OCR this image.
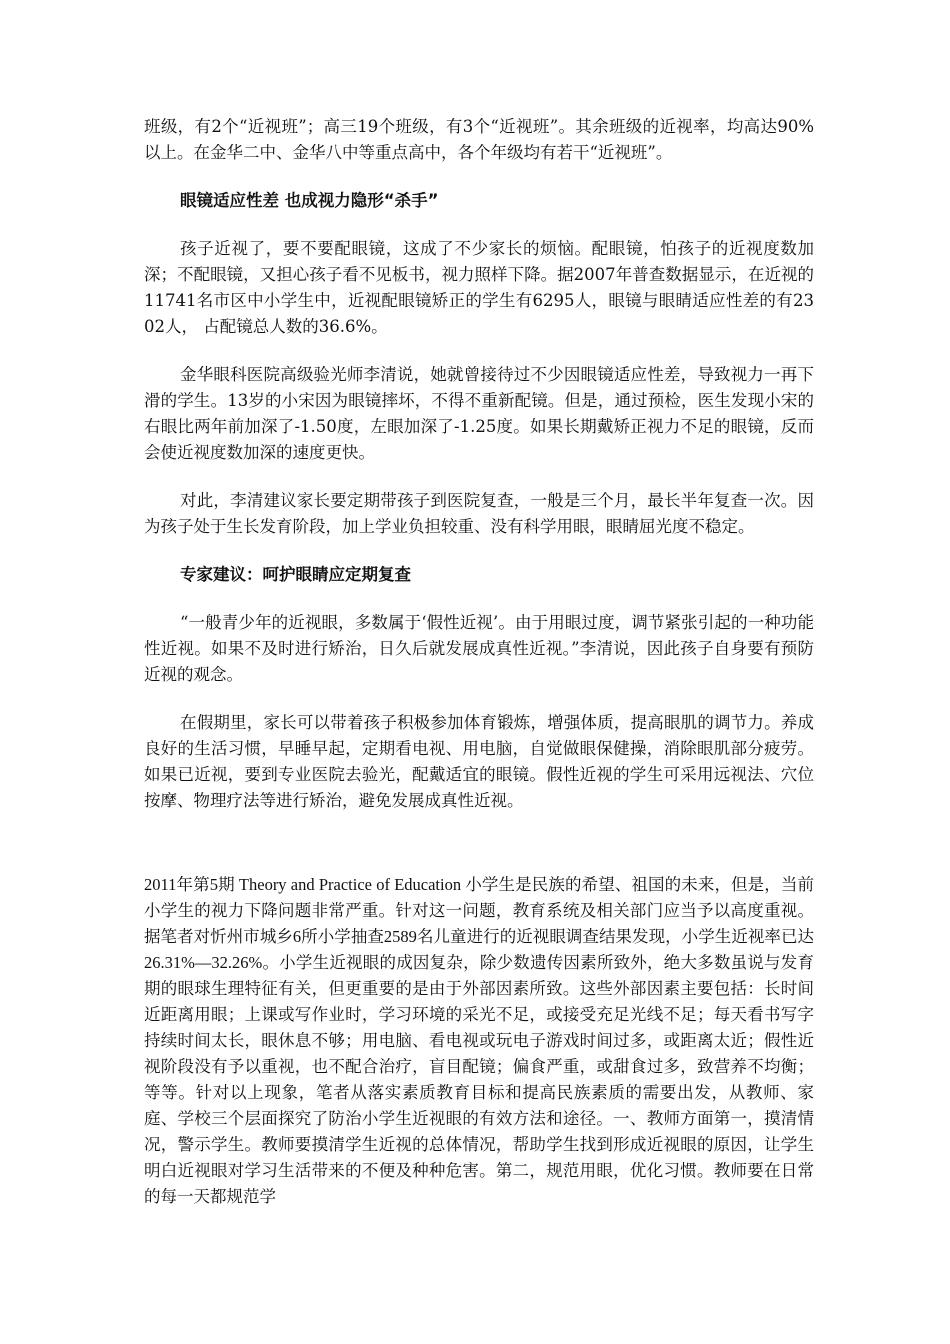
班级，有2个“近视班”；高三19个班级，有3个“近视班”。其余班级的近视率，均高达90%以上。在金华二中、金华八中等重点高中，各个年级均有若干“近视班”。

眼镜适应性差 也成视力隐形“杀手”

孩子近视了，要不要配眼镜，这成了不少家长的烦恼。配眼镜，怕孩子的近视度数加深；不配眼镜，又担心孩子看不见板书，视力照样下降。据2007年普查数据显示，在近视的11741名市区中小学生中，近视配眼镜矫正的学生有6295人，眼镜与眼睛适应性差的有2302人， 占配镜总人数的36.6%。

金华眼科医院高级验光师李清说，她就曾接待过不少因眼镜适应性差，导致视力一再下滑的学生。13岁的小宋因为眼镜摔坏，不得不重新配镜。但是，通过预检，医生发现小宋的右眼比两年前加深了-1.50度，左眼加深了-1.25度。如果长期戴矫正视力不足的眼镜，反而会使近视度数加深的速度更快。

对此，李清建议家长要定期带孩子到医院复查，一般是三个月，最长半年复查一次。因为孩子处于生长发育阶段，加上学业负担较重、没有科学用眼，眼睛屈光度不稳定。

专家建议：呵护眼睛应定期复查

“一般青少年的近视眼，多数属于‘假性近视’。由于用眼过度，调节紧张引起的一种功能性近视。如果不及时进行矫治，日久后就发展成真性近视。”李清说，因此孩子自身要有预防近视的观念。

在假期里，家长可以带着孩子积极参加体育锻炼，增强体质，提高眼肌的调节力。养成良好的生活习惯，早睡早起，定期看电视、用电脑，自觉做眼保健操，消除眼肌部分疲劳。如果已近视，要到专业医院去验光，配戴适宜的眼镜。假性近视的学生可采用远视法、穴位按摩、物理疗法等进行矫治，避免发展成真性近视。

2011年第5期 Theory and Practice of Education 小学生是民族的希望、祖国的未来，但是，当前小学生的视力下降问题非常严重。针对这一问题，教育系统及相关部门应当予以高度重视。据笔者对忻州市城乡6所小学抽查2589名儿童进行的近视眼调查结果发现，小学生近视率已达26.31%—32.26%。小学生近视眼的成因复杂，除少数遗传因素所致外，绝大多数虽说与发育期的眼球生理特征有关，但更重要的是由于外部因素所致。这些外部因素主要包括：长时间近距离用眼；上课或写作业时，学习环境的采光不足，或接受充足光线不足；每天看书写字持续时间太长，眼休息不够；用电脑、看电视或玩电子游戏时间过多，或距离太近；假性近视阶段没有予以重视，也不配合治疗，盲目配镜；偏食严重，或甜食过多，致营养不均衡；等等。针对以上现象，笔者从落实素质教育目标和提高民族素质的需要出发，从教师、家庭、学校三个层面探究了防治小学生近视眼的有效方法和途径。一、教师方面第一，摸清情况，警示学生。教师要摸清学生近视的总体情况，帮助学生找到形成近视眼的原因，让学生明白近视眼对学习生活带来的不便及种种危害。第二，规范用眼，优化习惯。教师要在日常的每一天都规范学
